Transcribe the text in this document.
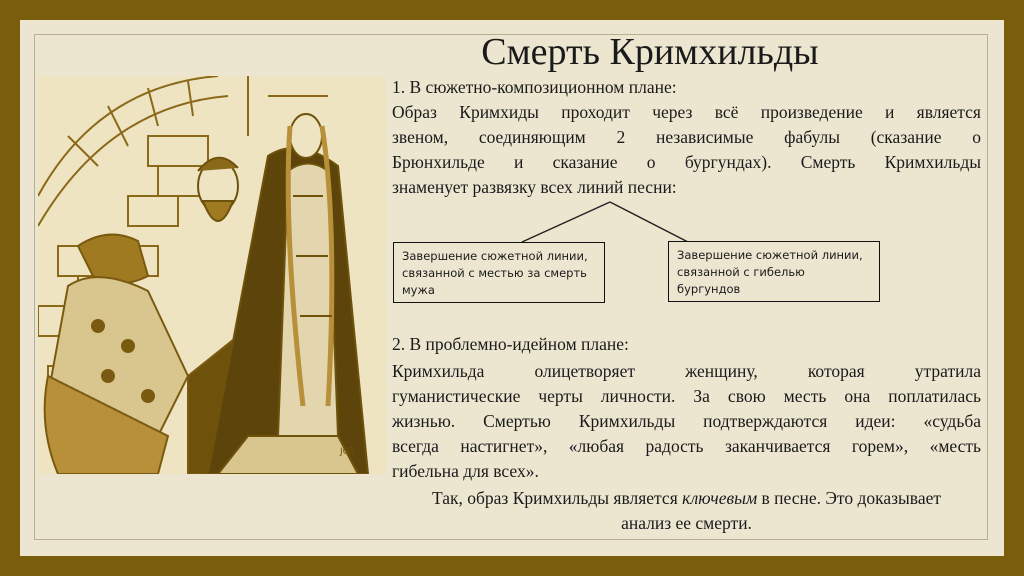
Смерть Кримхильды
JGT
1. В сюжетно-композиционном плане:
Образ Кримхиды проходит через всё произведение и является
звеном, соединяющим 2 независимые фабулы (сказание о
Брюнхильде и сказание о бургундах). Смерть Кримхильды
знаменует развязку всех линий песни:
Завершение сюжетной линии, связанной с местью за смерть мужа
Завершение сюжетной линии, связанной с гибелью бургундов
2. В проблемно-идейном плане:
Кримхильда олицетворяет женщину, которая утратила
гуманистические черты личности. За свою месть она поплатилась
жизнью. Смертью Кримхильды подтверждаются идеи: «судьба
всегда настигнет», «любая радость заканчивается горем», «месть
гибельна для всех».
Так, образ Кримхильды является ключевым в песне. Это доказывает
анализ ее смерти.
